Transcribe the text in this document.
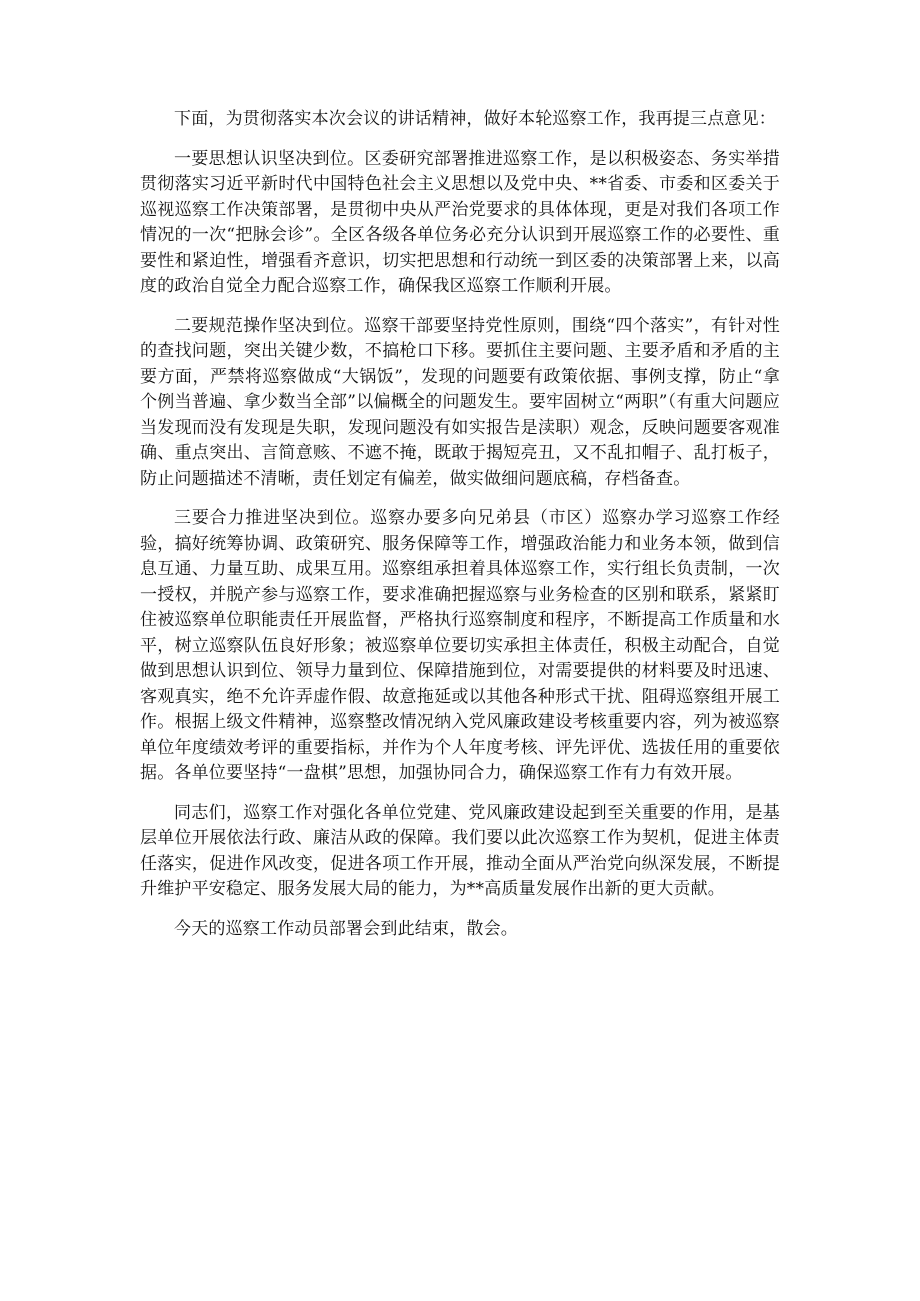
下面，为贯彻落实本次会议的讲话精神，做好本轮巡察工作，我再提三点意见：

一要思想认识坚决到位。区委研究部署推进巡察工作，是以积极姿态、务实举措贯彻落实习近平新时代中国特色社会主义思想以及党中央、**省委、市委和区委关于巡视巡察工作决策部署，是贯彻中央从严治党要求的具体体现，更是对我们各项工作情况的一次“把脉会诊”。全区各级各单位务必充分认识到开展巡察工作的必要性、重要性和紧迫性，增强看齐意识，切实把思想和行动统一到区委的决策部署上来，以高度的政治自觉全力配合巡察工作，确保我区巡察工作顺利开展。

二要规范操作坚决到位。巡察干部要坚持党性原则，围绕“四个落实”，有针对性的查找问题，突出关键少数，不搞枪口下移。要抓住主要问题、主要矛盾和矛盾的主要方面，严禁将巡察做成“大锅饭”，发现的问题要有政策依据、事例支撑，防止“拿个例当普遍、拿少数当全部”以偏概全的问题发生。要牢固树立“两职”（有重大问题应当发现而没有发现是失职，发现问题没有如实报告是渎职）观念，反映问题要客观准确、重点突出、言简意赅、不遮不掩，既敢于揭短亮丑，又不乱扣帽子、乱打板子，防止问题描述不清晰，责任划定有偏差，做实做细问题底稿，存档备查。

三要合力推进坚决到位。巡察办要多向兄弟县（市区）巡察办学习巡察工作经验，搞好统筹协调、政策研究、服务保障等工作，增强政治能力和业务本领，做到信息互通、力量互助、成果互用。巡察组承担着具体巡察工作，实行组长负责制，一次一授权，并脱产参与巡察工作，要求准确把握巡察与业务检查的区别和联系，紧紧盯住被巡察单位职能责任开展监督，严格执行巡察制度和程序，不断提高工作质量和水平，树立巡察队伍良好形象；被巡察单位要切实承担主体责任，积极主动配合，自觉做到思想认识到位、领导力量到位、保障措施到位，对需要提供的材料要及时迅速、客观真实，绝不允许弄虚作假、故意拖延或以其他各种形式干扰、阻碍巡察组开展工作。根据上级文件精神，巡察整改情况纳入党风廉政建设考核重要内容，列为被巡察单位年度绩效考评的重要指标，并作为个人年度考核、评先评优、选拔任用的重要依据。各单位要坚持“一盘棋”思想，加强协同合力，确保巡察工作有力有效开展。

同志们，巡察工作对强化各单位党建、党风廉政建设起到至关重要的作用，是基层单位开展依法行政、廉洁从政的保障。我们要以此次巡察工作为契机，促进主体责任落实，促进作风改变，促进各项工作开展，推动全面从严治党向纵深发展，不断提升维护平安稳定、服务发展大局的能力，为**高质量发展作出新的更大贡献。

今天的巡察工作动员部署会到此结束，散会。
